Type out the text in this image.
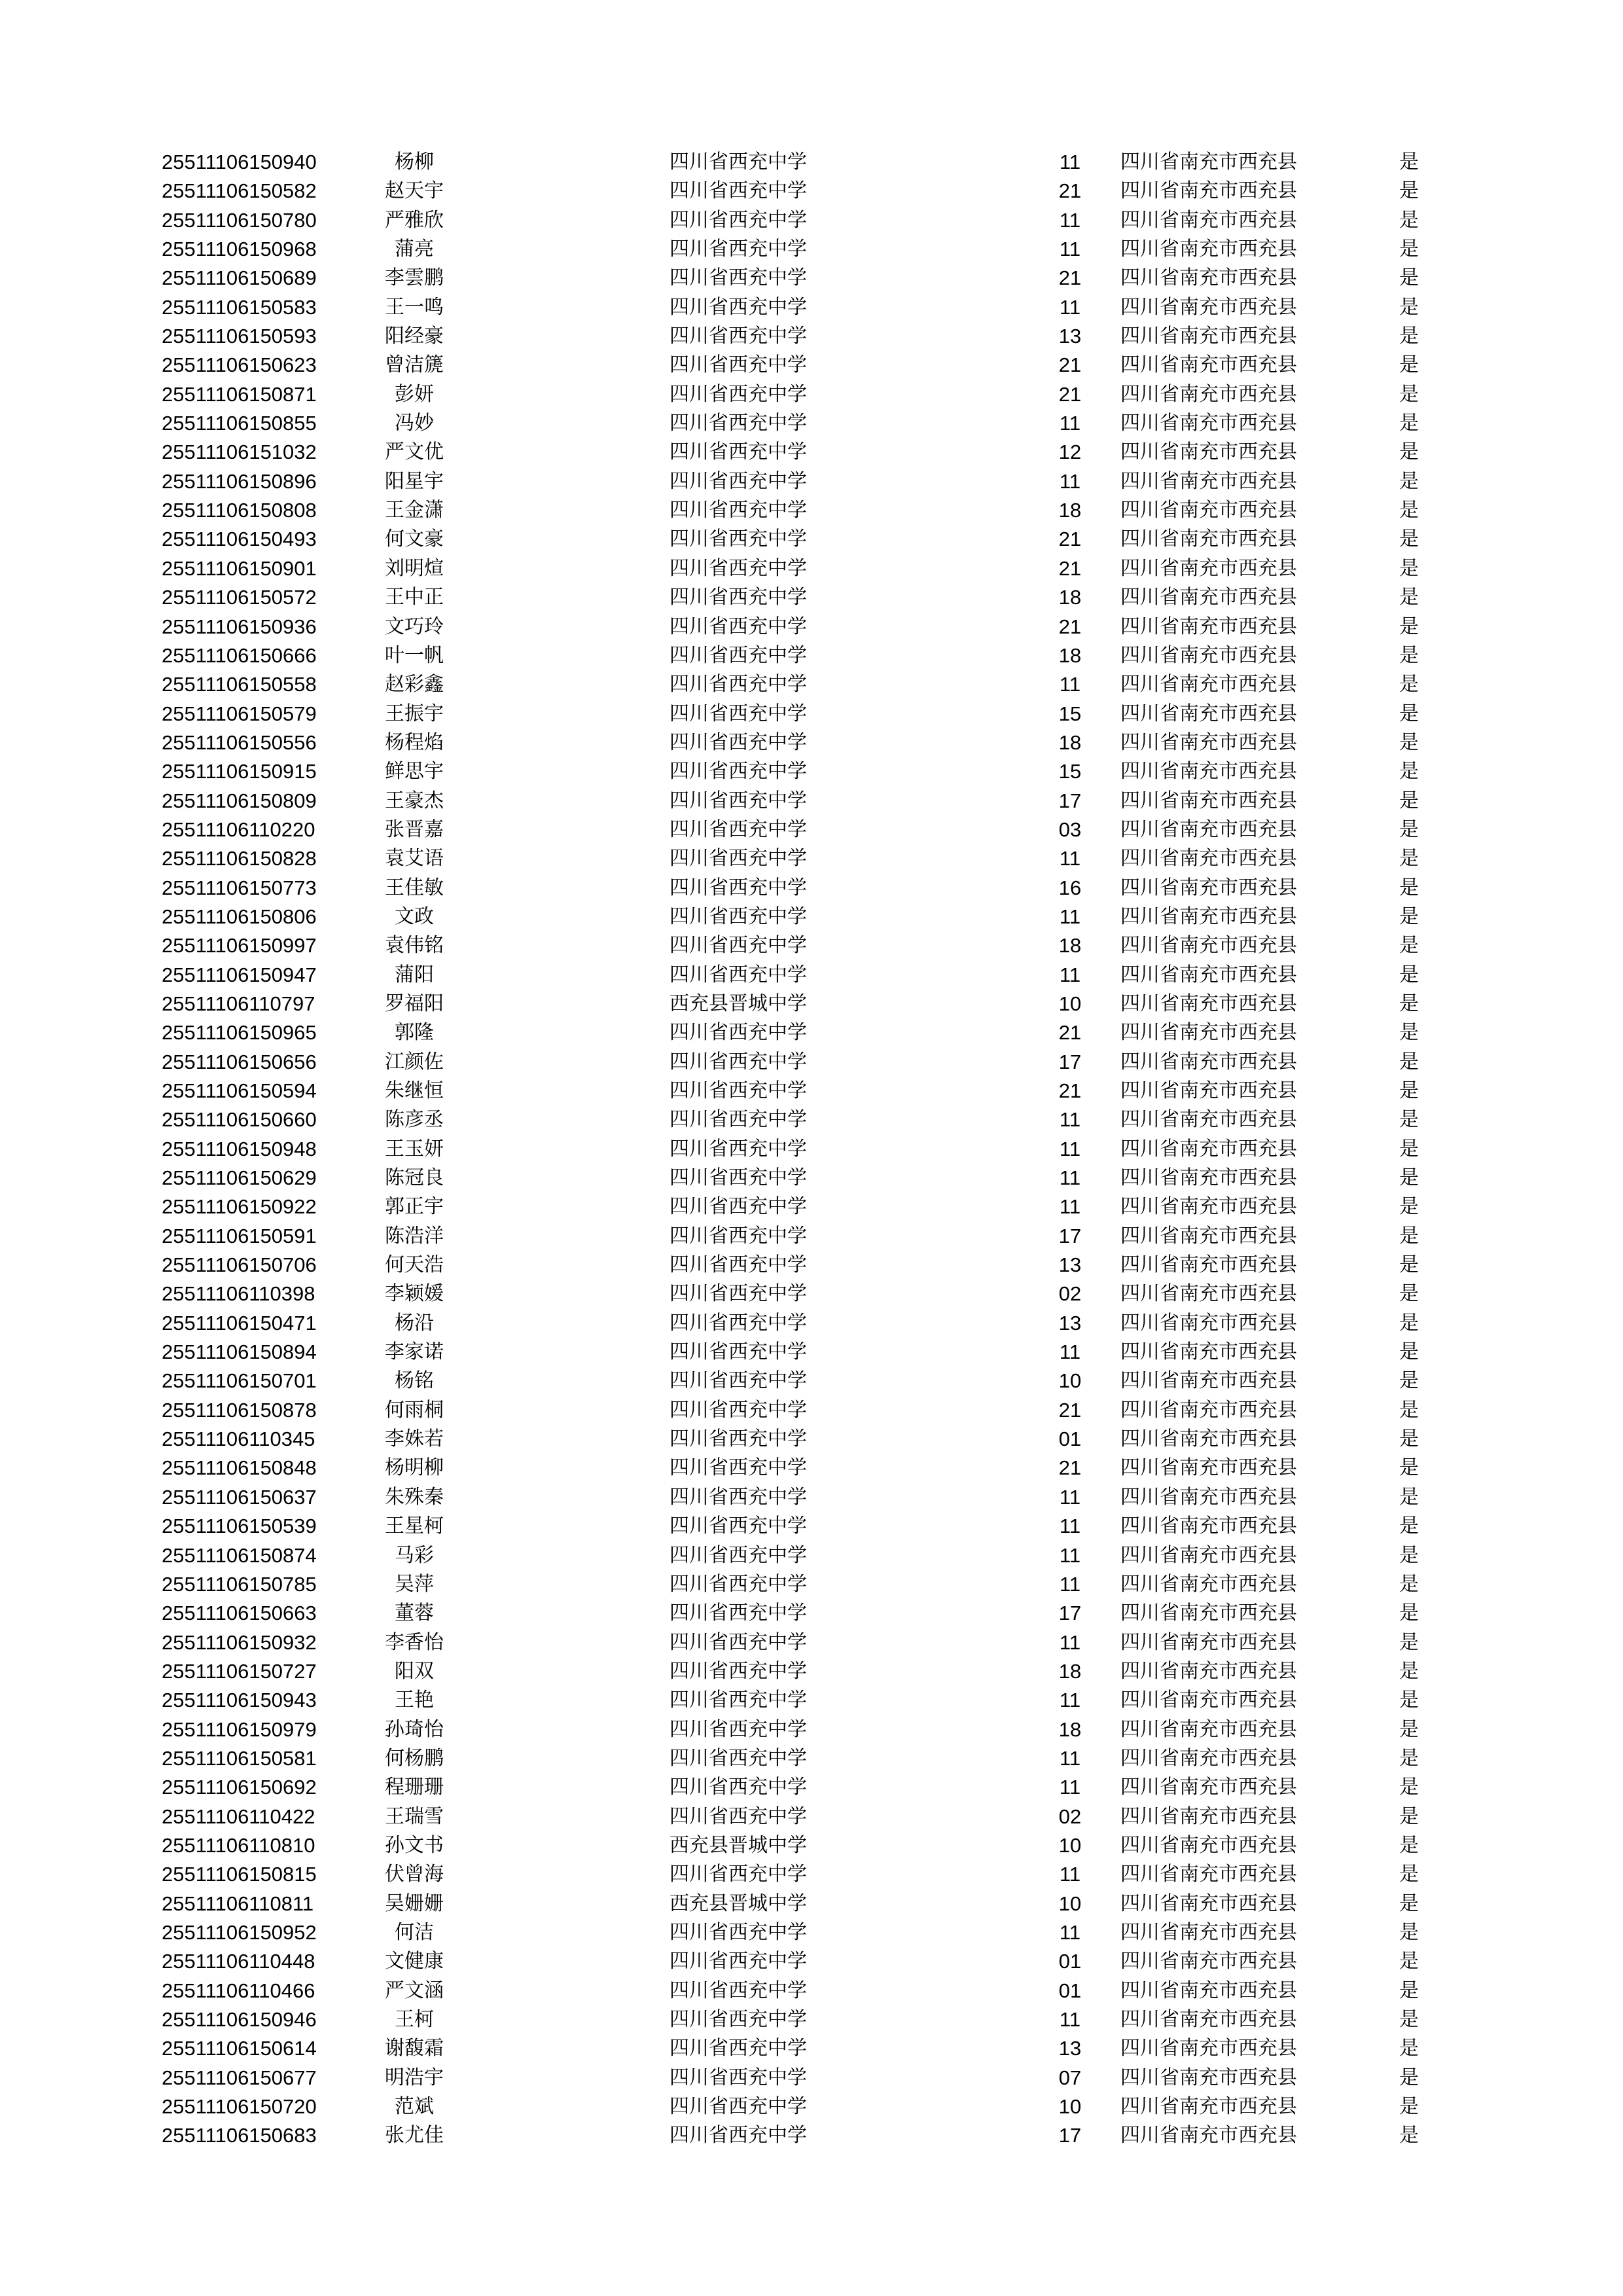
25511106150940	杨柳	四川省西充中学	11	四川省南充市西充县	是
25511106150582	赵天宇	四川省西充中学	21	四川省南充市西充县	是
25511106150780	严雅欣	四川省西充中学	11	四川省南充市西充县	是
25511106150968	蒲亮	四川省西充中学	11	四川省南充市西充县	是
25511106150689	李雲鹏	四川省西充中学	21	四川省南充市西充县	是
25511106150583	王一鸣	四川省西充中学	11	四川省南充市西充县	是
25511106150593	阳经豪	四川省西充中学	13	四川省南充市西充县	是
25511106150623	曾洁篪	四川省西充中学	21	四川省南充市西充县	是
25511106150871	彭妍	四川省西充中学	21	四川省南充市西充县	是
25511106150855	冯妙	四川省西充中学	11	四川省南充市西充县	是
25511106151032	严文优	四川省西充中学	12	四川省南充市西充县	是
25511106150896	阳星宇	四川省西充中学	11	四川省南充市西充县	是
25511106150808	王金潇	四川省西充中学	18	四川省南充市西充县	是
25511106150493	何文豪	四川省西充中学	21	四川省南充市西充县	是
25511106150901	刘明煊	四川省西充中学	21	四川省南充市西充县	是
25511106150572	王中正	四川省西充中学	18	四川省南充市西充县	是
25511106150936	文巧玲	四川省西充中学	21	四川省南充市西充县	是
25511106150666	叶一帆	四川省西充中学	18	四川省南充市西充县	是
25511106150558	赵彩鑫	四川省西充中学	11	四川省南充市西充县	是
25511106150579	王振宇	四川省西充中学	15	四川省南充市西充县	是
25511106150556	杨程焰	四川省西充中学	18	四川省南充市西充县	是
25511106150915	鲜思宇	四川省西充中学	15	四川省南充市西充县	是
25511106150809	王豪杰	四川省西充中学	17	四川省南充市西充县	是
25511106110220	张晋嘉	四川省西充中学	03	四川省南充市西充县	是
25511106150828	袁艾语	四川省西充中学	11	四川省南充市西充县	是
25511106150773	王佳敏	四川省西充中学	16	四川省南充市西充县	是
25511106150806	文政	四川省西充中学	11	四川省南充市西充县	是
25511106150997	袁伟铭	四川省西充中学	18	四川省南充市西充县	是
25511106150947	蒲阳	四川省西充中学	11	四川省南充市西充县	是
25511106110797	罗福阳	西充县晋城中学	10	四川省南充市西充县	是
25511106150965	郭隆	四川省西充中学	21	四川省南充市西充县	是
25511106150656	江颜佐	四川省西充中学	17	四川省南充市西充县	是
25511106150594	朱继恒	四川省西充中学	21	四川省南充市西充县	是
25511106150660	陈彦丞	四川省西充中学	11	四川省南充市西充县	是
25511106150948	王玉妍	四川省西充中学	11	四川省南充市西充县	是
25511106150629	陈冠良	四川省西充中学	11	四川省南充市西充县	是
25511106150922	郭正宇	四川省西充中学	11	四川省南充市西充县	是
25511106150591	陈浩洋	四川省西充中学	17	四川省南充市西充县	是
25511106150706	何天浩	四川省西充中学	13	四川省南充市西充县	是
25511106110398	李颖媛	四川省西充中学	02	四川省南充市西充县	是
25511106150471	杨沿	四川省西充中学	13	四川省南充市西充县	是
25511106150894	李家诺	四川省西充中学	11	四川省南充市西充县	是
25511106150701	杨铭	四川省西充中学	10	四川省南充市西充县	是
25511106150878	何雨桐	四川省西充中学	21	四川省南充市西充县	是
25511106110345	李姝若	四川省西充中学	01	四川省南充市西充县	是
25511106150848	杨明柳	四川省西充中学	21	四川省南充市西充县	是
25511106150637	朱殊秦	四川省西充中学	11	四川省南充市西充县	是
25511106150539	王星柯	四川省西充中学	11	四川省南充市西充县	是
25511106150874	马彩	四川省西充中学	11	四川省南充市西充县	是
25511106150785	吴萍	四川省西充中学	11	四川省南充市西充县	是
25511106150663	董蓉	四川省西充中学	17	四川省南充市西充县	是
25511106150932	李香怡	四川省西充中学	11	四川省南充市西充县	是
25511106150727	阳双	四川省西充中学	18	四川省南充市西充县	是
25511106150943	王艳	四川省西充中学	11	四川省南充市西充县	是
25511106150979	孙琦怡	四川省西充中学	18	四川省南充市西充县	是
25511106150581	何杨鹏	四川省西充中学	11	四川省南充市西充县	是
25511106150692	程珊珊	四川省西充中学	11	四川省南充市西充县	是
25511106110422	王瑞雪	四川省西充中学	02	四川省南充市西充县	是
25511106110810	孙文书	西充县晋城中学	10	四川省南充市西充县	是
25511106150815	伏曾海	四川省西充中学	11	四川省南充市西充县	是
25511106110811	吴姗姗	西充县晋城中学	10	四川省南充市西充县	是
25511106150952	何洁	四川省西充中学	11	四川省南充市西充县	是
25511106110448	文健康	四川省西充中学	01	四川省南充市西充县	是
25511106110466	严文涵	四川省西充中学	01	四川省南充市西充县	是
25511106150946	王柯	四川省西充中学	11	四川省南充市西充县	是
25511106150614	谢馥霜	四川省西充中学	13	四川省南充市西充县	是
25511106150677	明浩宇	四川省西充中学	07	四川省南充市西充县	是
25511106150720	范斌	四川省西充中学	10	四川省南充市西充县	是
25511106150683	张尤佳	四川省西充中学	17	四川省南充市西充县	是
